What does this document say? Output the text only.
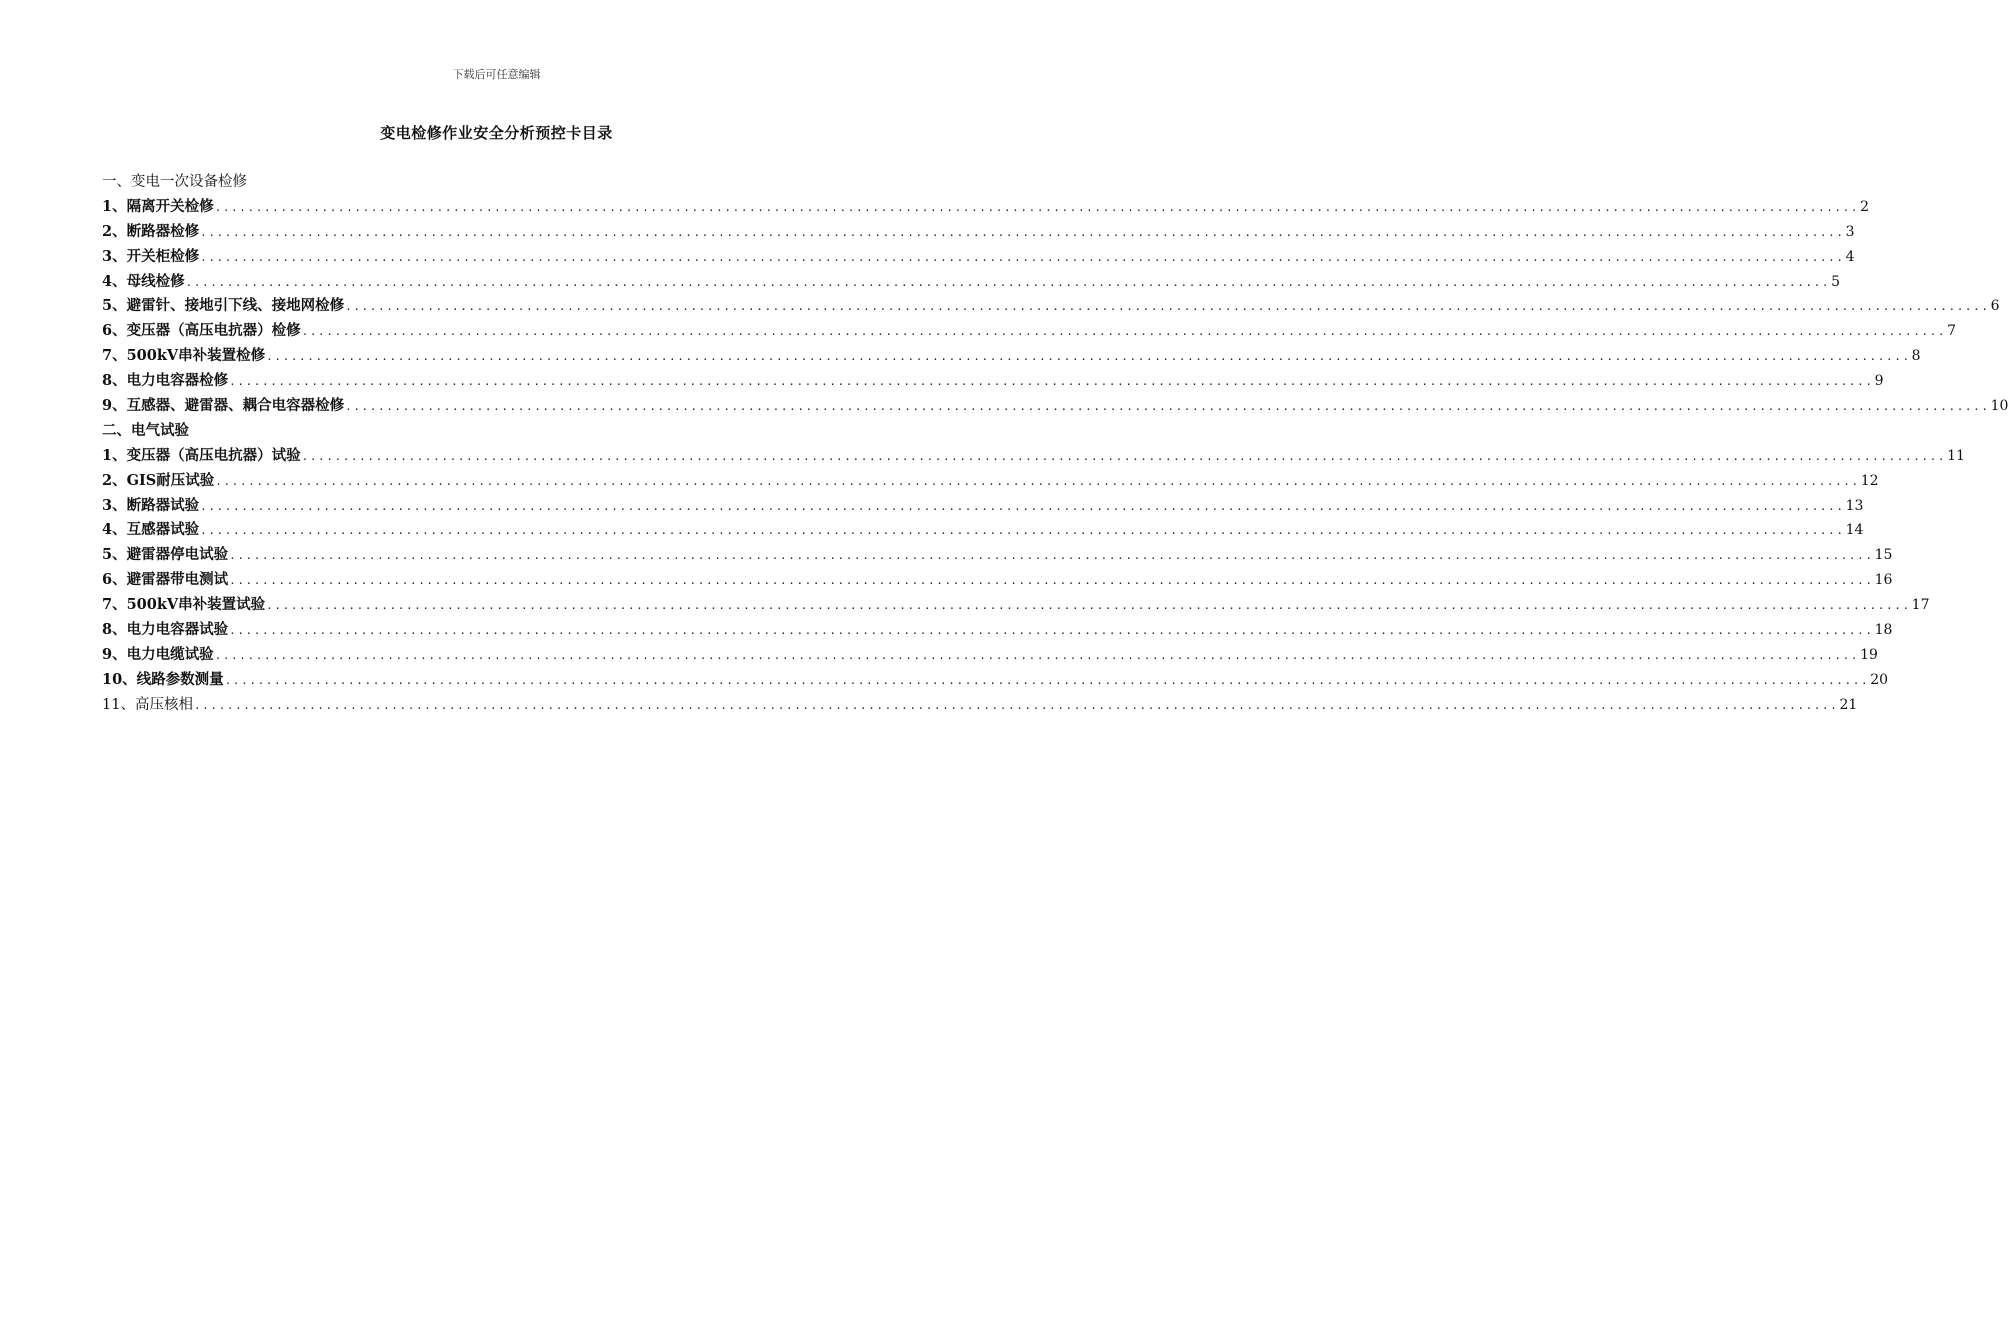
下载后可任意编辑
变电检修作业安全分析预控卡目录
一、变电一次设备检修
1、隔离开关检修 ........................................................................................................................................................................................................ 2
2、断路器检修 ........................................................................................................................................................................................................ 3
3、开关柜检修 ........................................................................................................................................................................................................ 4
4、母线检修 ........................................................................................................................................................................................................ 5
5、避雷针、接地引下线、接地网检修 ........................................................................................................................................................................................................ 6
6、变压器（高压电抗器）检修 ........................................................................................................................................................................................................ 7
7、500kV串补装置检修 ........................................................................................................................................................................................................ 8
8、电力电容器检修 ........................................................................................................................................................................................................ 9
9、互感器、避雷器、耦合电容器检修 ........................................................................................................................................................................................................ 10
二、电气试验
1、变压器（高压电抗器）试验 ........................................................................................................................................................................................................ 11
2、GIS耐压试验 ........................................................................................................................................................................................................ 12
3、断路器试验 ........................................................................................................................................................................................................ 13
4、互感器试验 ........................................................................................................................................................................................................ 14
5、避雷器停电试验 ........................................................................................................................................................................................................ 15
6、避雷器带电测试 ........................................................................................................................................................................................................ 16
7、500kV串补装置试验 ........................................................................................................................................................................................................ 17
8、电力电容器试验 ........................................................................................................................................................................................................ 18
9、电力电缆试验 ........................................................................................................................................................................................................ 19
10、线路参数测量 ........................................................................................................................................................................................................ 20
11、高压核相 ........................................................................................................................................................................................................ 21
